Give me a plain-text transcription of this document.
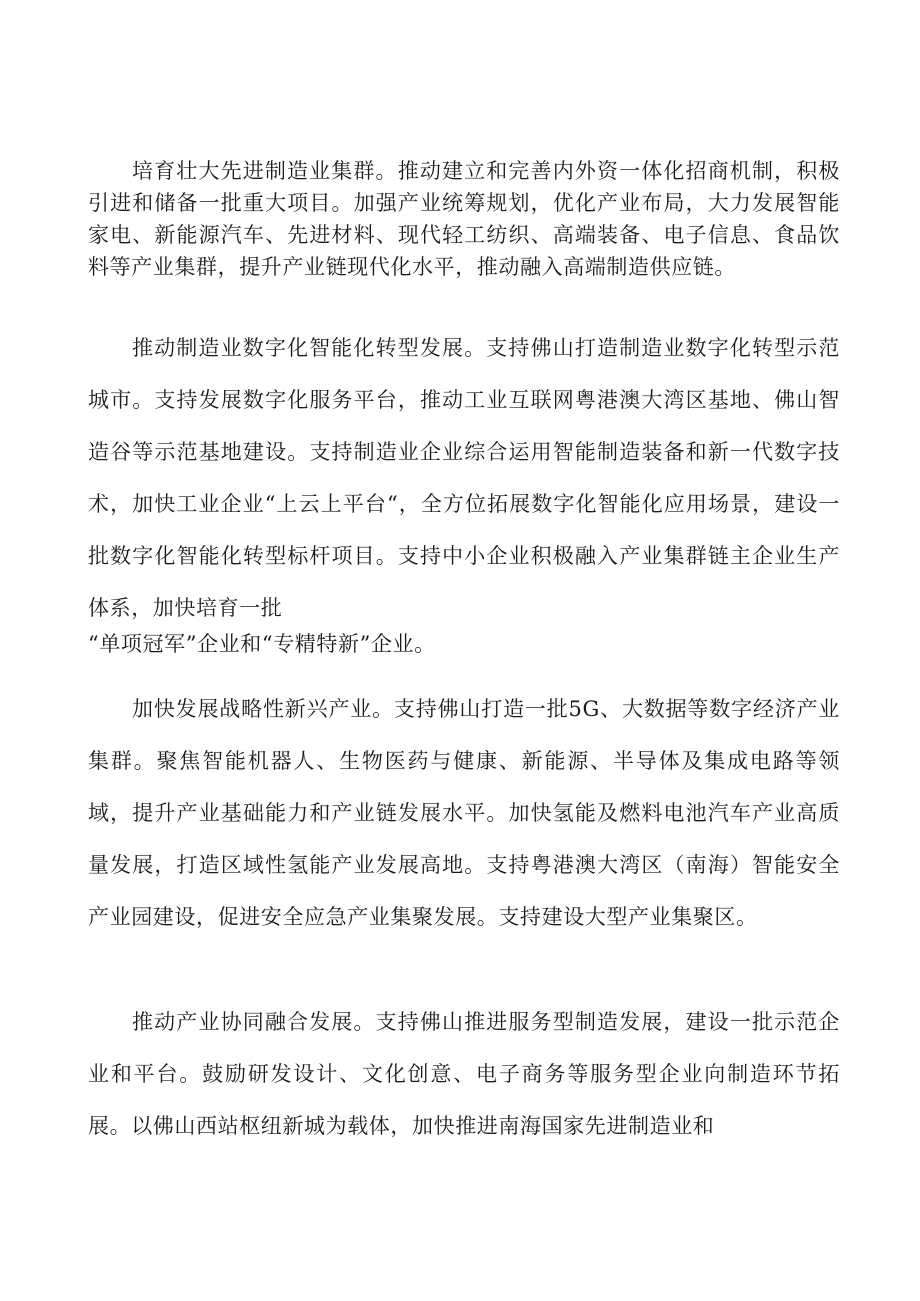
培育壮大先进制造业集群。推动建立和完善内外资一体化招商机制，积极引进和储备一批重大项目。加强产业统筹规划，优化产业布局，大力发展智能家电、新能源汽车、先进材料、现代轻工纺织、高端装备、电子信息、食品饮料等产业集群，提升产业链现代化水平，推动融入高端制造供应链。

推动制造业数字化智能化转型发展。支持佛山打造制造业数字化转型示范城市。支持发展数字化服务平台，推动工业互联网粤港澳大湾区基地、佛山智造谷等示范基地建设。支持制造业企业综合运用智能制造装备和新一代数字技术，加快工业企业“上云上平台“，全方位拓展数字化智能化应用场景，建设一批数字化智能化转型标杆项目。支持中小企业积极融入产业集群链主企业生产体系，加快培育一批

“单项冠军”企业和“专精特新”企业。

加快发展战略性新兴产业。支持佛山打造一批5G、大数据等数字经济产业集群。聚焦智能机器人、生物医药与健康、新能源、半导体及集成电路等领域，提升产业基础能力和产业链发展水平。加快氢能及燃料电池汽车产业高质量发展，打造区域性氢能产业发展高地。支持粤港澳大湾区（南海）智能安全产业园建设，促进安全应急产业集聚发展。支持建设大型产业集聚区。

推动产业协同融合发展。支持佛山推进服务型制造发展，建设一批示范企业和平台。鼓励研发设计、文化创意、电子商务等服务型企业向制造环节拓展。以佛山西站枢纽新城为载体，加快推进南海国家先进制造业和
